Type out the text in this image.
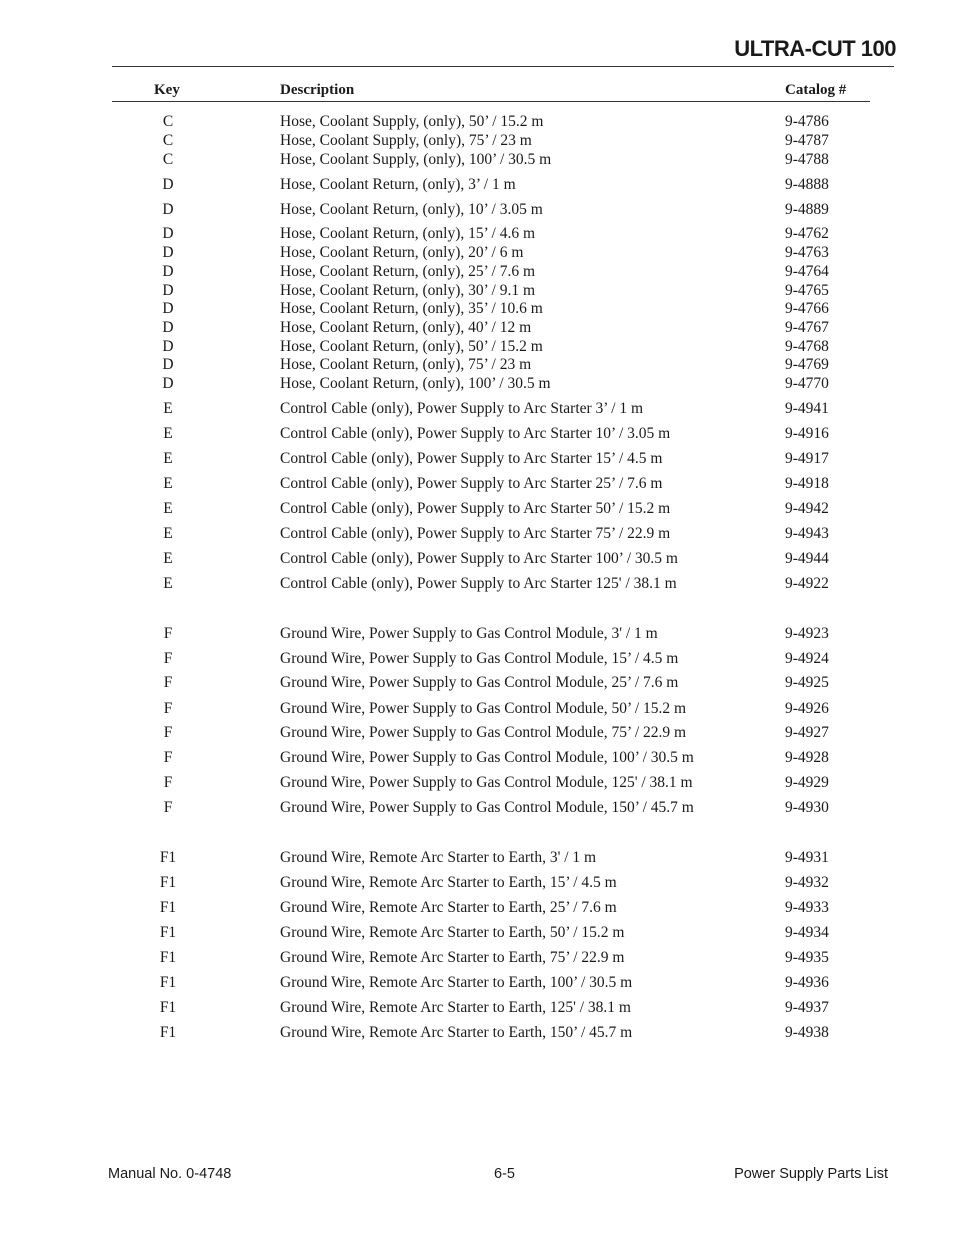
ULTRA-CUT 100
Key	Description	Catalog #
C	Hose, Coolant Supply, (only), 50’ / 15.2 m	9-4786
C	Hose, Coolant Supply, (only), 75’ / 23 m	9-4787
C	Hose, Coolant Supply, (only), 100’ / 30.5 m	9-4788
D	Hose, Coolant Return, (only), 3’ / 1 m	9-4888
D	Hose, Coolant Return, (only), 10’ / 3.05 m	9-4889
D	Hose, Coolant Return, (only), 15’ / 4.6 m	9-4762
D	Hose, Coolant Return, (only), 20’ / 6 m	9-4763
D	Hose, Coolant Return, (only), 25’ / 7.6 m	9-4764
D	Hose, Coolant Return, (only), 30’ / 9.1 m	9-4765
D	Hose, Coolant Return, (only), 35’ / 10.6 m	9-4766
D	Hose, Coolant Return, (only), 40’ / 12 m	9-4767
D	Hose, Coolant Return, (only), 50’ / 15.2 m	9-4768
D	Hose, Coolant Return, (only), 75’ / 23 m	9-4769
D	Hose, Coolant Return, (only), 100’ / 30.5 m	9-4770
E	Control Cable (only), Power Supply to Arc Starter 3’ / 1 m	9-4941
E	Control Cable (only), Power Supply to Arc Starter 10’ / 3.05 m	9-4916
E	Control Cable (only), Power Supply to Arc Starter 15’ / 4.5 m	9-4917
E	Control Cable (only), Power Supply to Arc Starter 25’ / 7.6 m	9-4918
E	Control Cable (only), Power Supply to Arc Starter 50’ / 15.2 m	9-4942
E	Control Cable (only), Power Supply to Arc Starter 75’ / 22.9 m	9-4943
E	Control Cable (only), Power Supply to Arc Starter 100’ / 30.5 m	9-4944
E	Control Cable (only), Power Supply to Arc Starter 125' / 38.1 m	9-4922
F	Ground Wire, Power Supply to Gas Control Module, 3' / 1 m	9-4923
F	Ground Wire, Power Supply to Gas Control Module, 15’ / 4.5 m	9-4924
F	Ground Wire, Power Supply to Gas Control Module, 25’ / 7.6 m	9-4925
F	Ground Wire, Power Supply to Gas Control Module, 50’ / 15.2 m	9-4926
F	Ground Wire, Power Supply to Gas Control Module, 75’ / 22.9 m	9-4927
F	Ground Wire, Power Supply to Gas Control Module, 100’ / 30.5 m	9-4928
F	Ground Wire, Power Supply to Gas Control Module, 125' / 38.1 m	9-4929
F	Ground Wire, Power Supply to Gas Control Module, 150’ / 45.7 m	9-4930
F1	Ground Wire, Remote Arc Starter to Earth, 3' / 1 m	9-4931
F1	Ground Wire, Remote Arc Starter to Earth, 15’ / 4.5 m	9-4932
F1	Ground Wire, Remote Arc Starter to Earth, 25’ / 7.6 m	9-4933
F1	Ground Wire, Remote Arc Starter to Earth, 50’ / 15.2 m	9-4934
F1	Ground Wire, Remote Arc Starter to Earth, 75’ / 22.9 m	9-4935
F1	Ground Wire, Remote Arc Starter to Earth, 100’ / 30.5 m	9-4936
F1	Ground Wire, Remote Arc Starter to Earth, 125' / 38.1 m	9-4937
F1	Ground Wire, Remote Arc Starter to Earth, 150’ / 45.7 m	9-4938
Manual No. 0-4748	6-5	Power Supply Parts List
